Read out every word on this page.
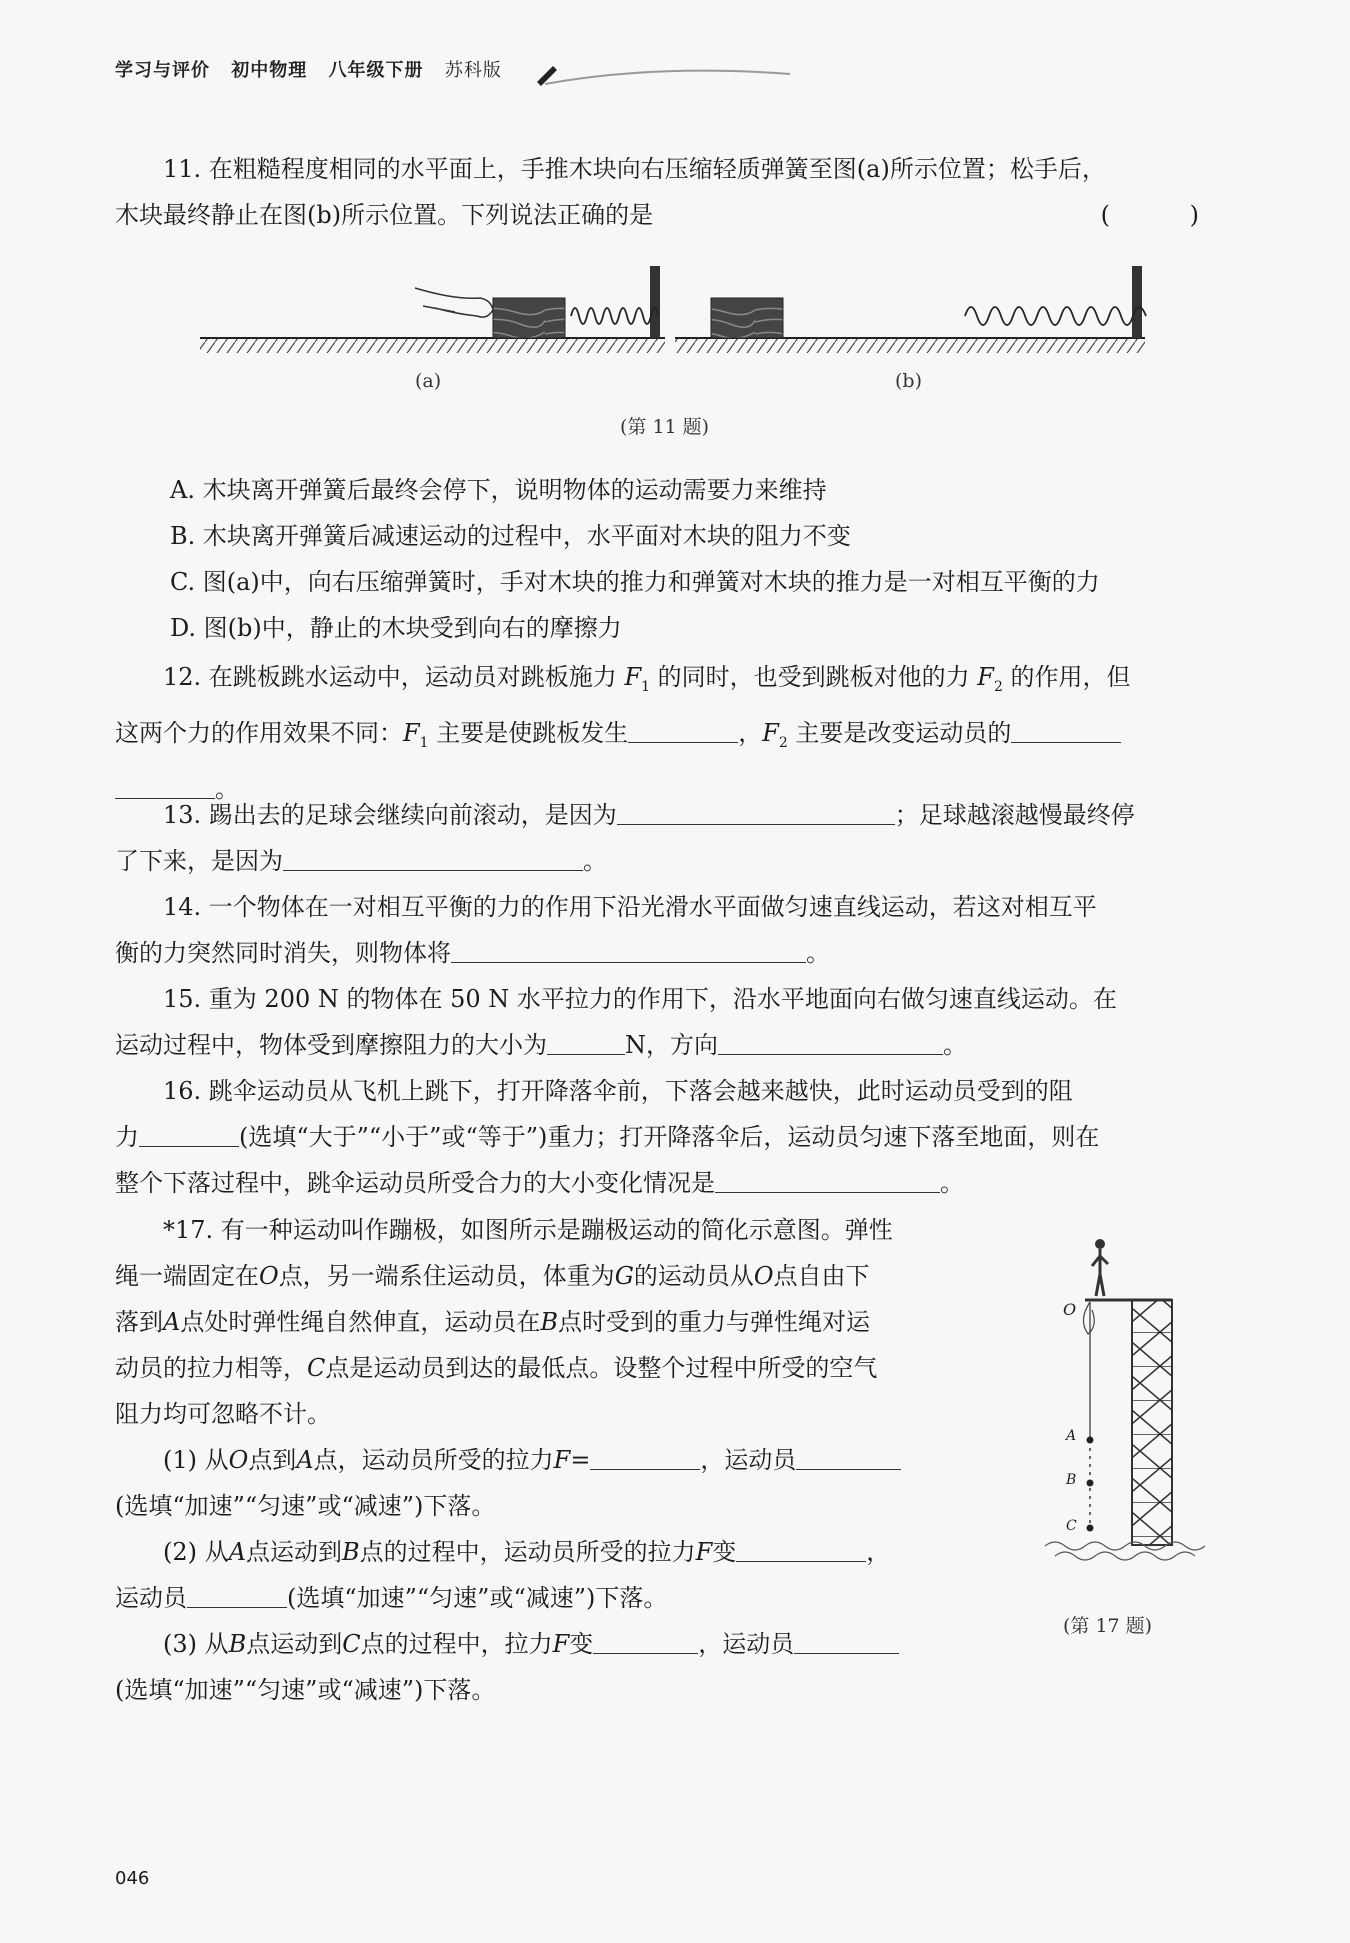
学习与评价 初中物理 八年级下册 苏科版
11. 在粗糙程度相同的水平面上，手推木块向右压缩轻质弹簧至图(a)所示位置；松手后，
木块最终静止在图(b)所示位置。下列说法正确的是	( )
(a)	(b)
(第 11 题)
A. 木块离开弹簧后最终会停下，说明物体的运动需要力来维持
B. 木块离开弹簧后减速运动的过程中，水平面对木块的阻力不变
C. 图(a)中，向右压缩弹簧时，手对木块的推力和弹簧对木块的推力是一对相互平衡的力
D. 图(b)中，静止的木块受到向右的摩擦力
12. 在跳板跳水运动中，运动员对跳板施力 $F_1$ 的同时，也受到跳板对他的力 $F_2$ 的作用，但
这两个力的作用效果不同：$F_1$ 主要是使跳板发生	，$F_2$ 主要是改变运动员的
。
13. 踢出去的足球会继续向前滚动，是因为	；足球越滚越慢最终停
了下来，是因为	。
14. 一个物体在一对相互平衡的力的作用下沿光滑水平面做匀速直线运动，若这对相互平
衡的力突然同时消失，则物体将	。
15. 重为 200 N 的物体在 50 N 水平拉力的作用下，沿水平地面向右做匀速直线运动。在
运动过程中，物体受到摩擦阻力的大小为	N，方向	。
16. 跳伞运动员从飞机上跳下，打开降落伞前，下落会越来越快，此时运动员受到的阻
力	(选填“大于”“小于”或“等于”)重力；打开降落伞后，运动员匀速下落至地面，则在
整个下落过程中，跳伞运动员所受合力的大小变化情况是	。
*17. 有一种运动叫作蹦极，如图所示是蹦极运动的简化示意图。弹性
绳一端固定在O点，另一端系住运动员，体重为G的运动员从O点自由下
落到A点处时弹性绳自然伸直，运动员在B点时受到的重力与弹性绳对运
动员的拉力相等，C点是运动员到达的最低点。设整个过程中所受的空气
阻力均可忽略不计。
(1) 从O点到A点，运动员所受的拉力F=	，运动员
(选填“加速”“匀速”或“减速”)下落。
(2) 从A点运动到B点的过程中，运动员所受的拉力F变	，
运动员	(选填“加速”“匀速”或“减速”)下落。
(3) 从B点运动到C点的过程中，拉力F变	，运动员
(选填“加速”“匀速”或“减速”)下落。
O
A
B
C
(第 17 题)
046
